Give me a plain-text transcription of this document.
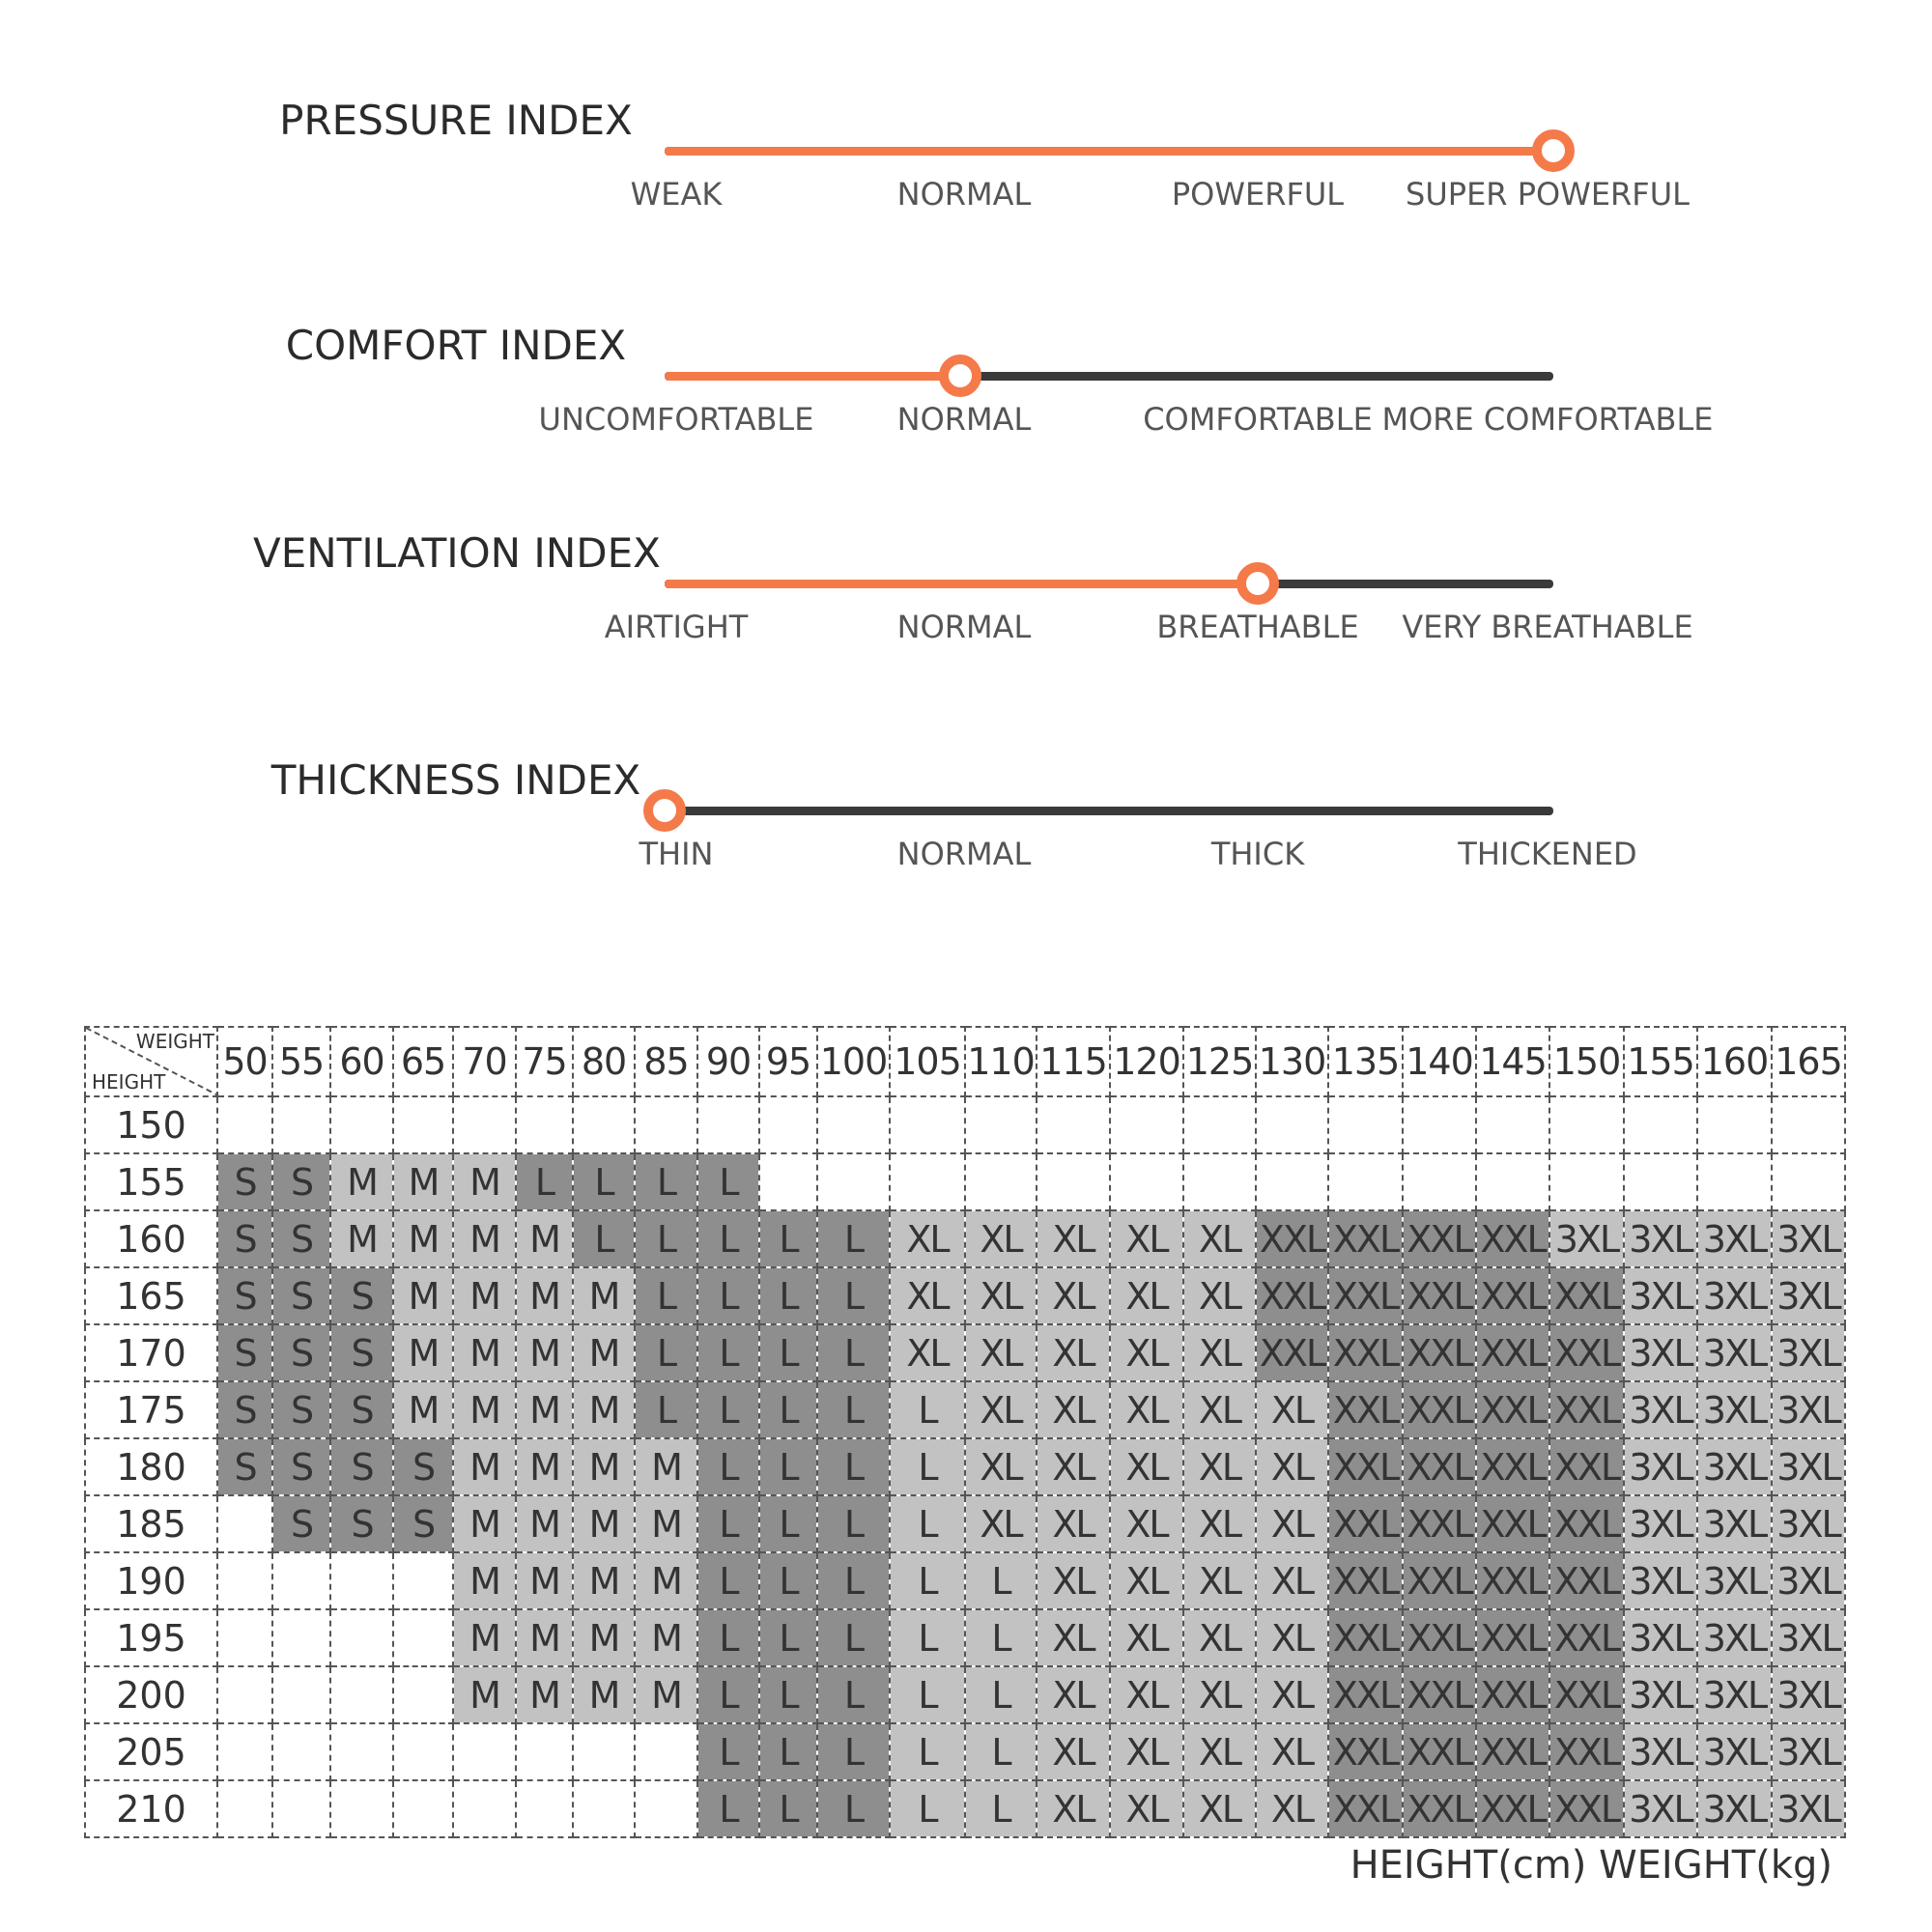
PRESSURE INDEX
WEAK	NORMAL	POWERFUL SUPER POWERFUL
COMFORT INDEX
UNCOMFORTABLE	NORMAL	COMFORTABLE MORE COMFORTABLE
VENTILATION INDEX
AIRTIGHT	NORMAL	BREATHABLE VERY BREATHABLE
THICKNESS INDEX
THIN	NORMAL	THICK	THICKENED
WEIGHT
HEIGHT	50	55	60	65	70	75	80	85	90	95	100	105	110	115	120	125	130	135	140	145	150	155	160	165
150																								
155	S	S	M	M	M	L	L	L	L															
160	S	S	M	M	M	M	L	L	L	L	L	XL	XL	XL	XL	XL	XXL	XXL	XXL	XXL	3XL	3XL	3XL	3XL
165	S	S	S	M	M	M	M	L	L	L	L	XL	XL	XL	XL	XL	XXL	XXL	XXL	XXL	XXL	3XL	3XL	3XL
170	S	S	S	M	M	M	M	L	L	L	L	XL	XL	XL	XL	XL	XXL	XXL	XXL	XXL	XXL	3XL	3XL	3XL
175	S	S	S	M	M	M	M	L	L	L	L	L	XL	XL	XL	XL	XL	XXL	XXL	XXL	XXL	3XL	3XL	3XL
180	S	S	S	S	M	M	M	M	L	L	L	L	XL	XL	XL	XL	XL	XXL	XXL	XXL	XXL	3XL	3XL	3XL
185		S	S	S	M	M	M	M	L	L	L	L	XL	XL	XL	XL	XL	XXL	XXL	XXL	XXL	3XL	3XL	3XL
190					M	M	M	M	L	L	L	L	L	XL	XL	XL	XL	XXL	XXL	XXL	XXL	3XL	3XL	3XL
195					M	M	M	M	L	L	L	L	L	XL	XL	XL	XL	XXL	XXL	XXL	XXL	3XL	3XL	3XL
200					M	M	M	M	L	L	L	L	L	XL	XL	XL	XL	XXL	XXL	XXL	XXL	3XL	3XL	3XL
205									L	L	L	L	L	XL	XL	XL	XL	XXL	XXL	XXL	XXL	3XL	3XL	3XL
210									L	L	L	L	L	XL	XL	XL	XL	XXL	XXL	XXL	XXL	3XL	3XL	3XL
HEIGHT(cm) WEIGHT(kg)
